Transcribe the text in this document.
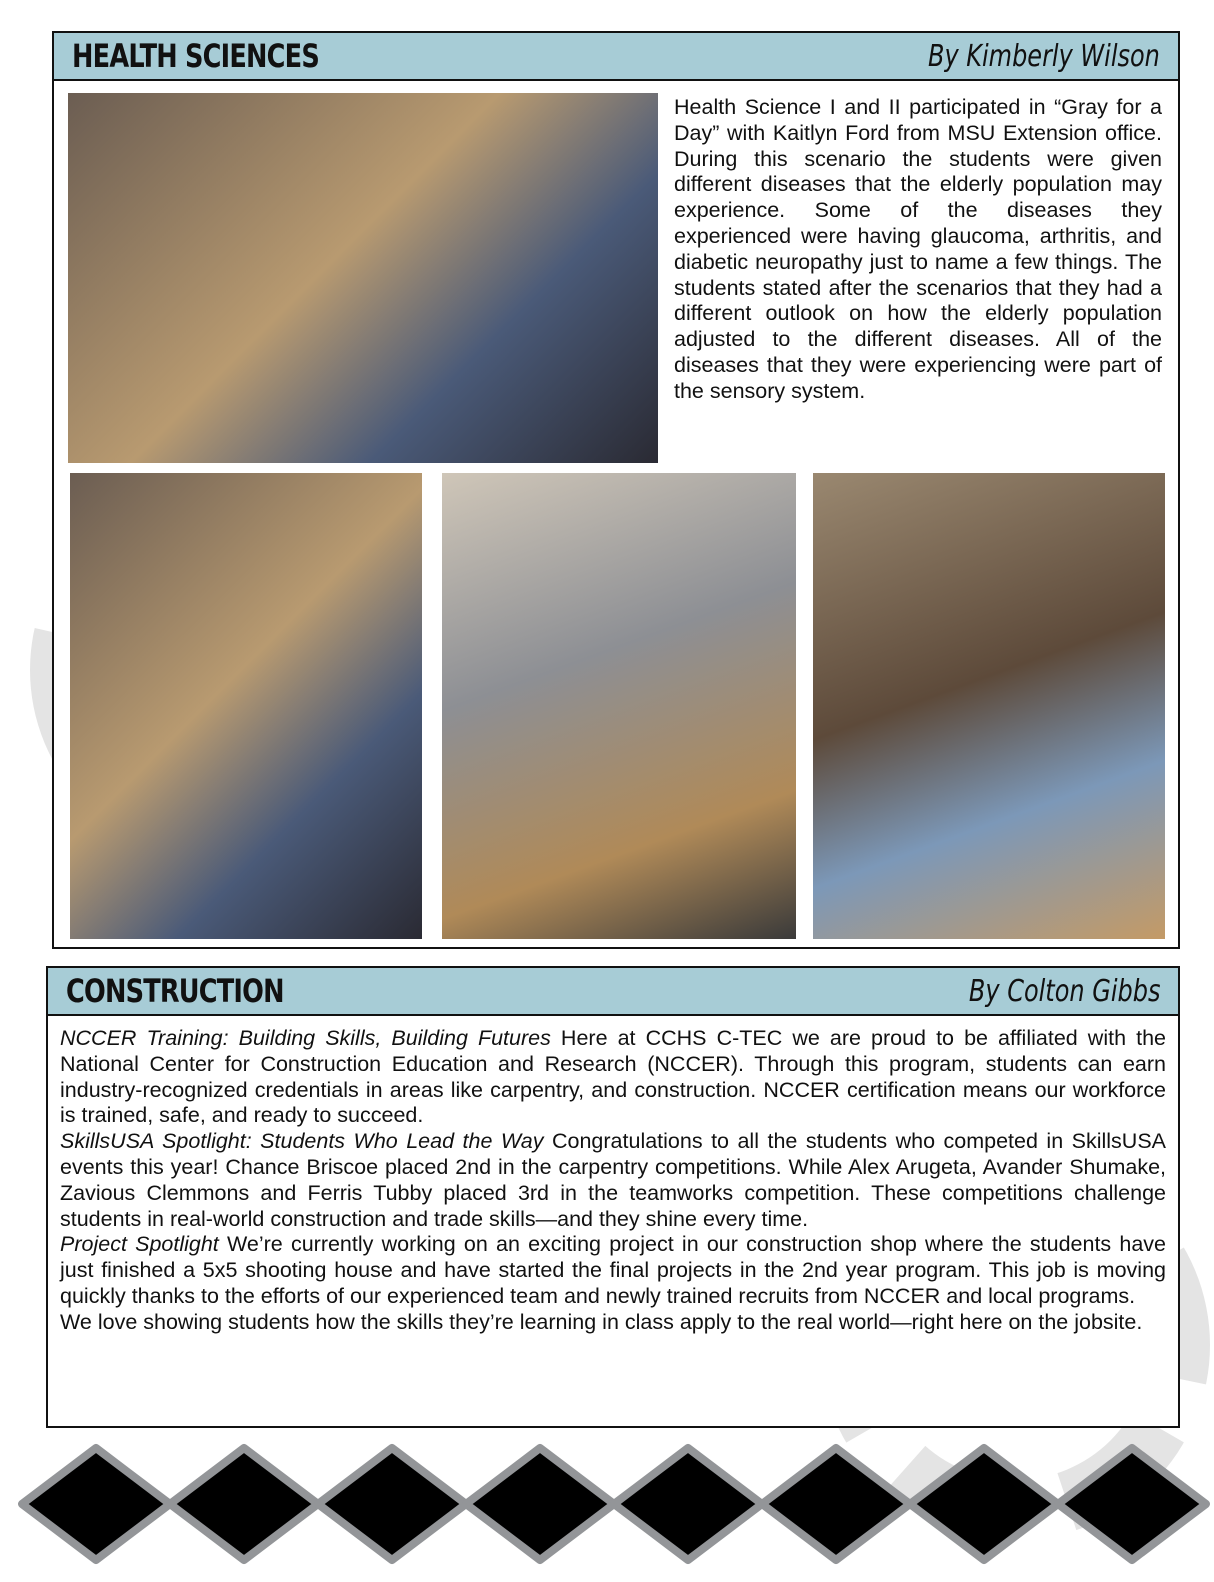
HEALTH SCIENCES	By Kimberly Wilson
Health Science I and II participated in “Gray for a Day” with Kaitlyn Ford from MSU Extension office. During this scenario the students were given different diseases that the elderly population may experience. Some of the diseases they experienced were having glaucoma, arthritis, and diabetic neuropathy just to name a few things. The students stated after the scenarios that they had a different outlook on how the elderly population adjusted to the different diseases. All of the diseases that they were experiencing were part of the sensory system.
CONSTRUCTION	By Colton Gibbs

NCCER Training: Building Skills, Building Futures Here at CCHS C-TEC we are proud to be affiliated with the National Center for Construction Education and Research (NCCER). Through this program, students can earn industry-recognized credentials in areas like carpentry, and construction. NCCER certification means our workforce is trained, safe, and ready to succeed.

SkillsUSA Spotlight: Students Who Lead the Way Congratulations to all the students who competed in SkillsUSA events this year! Chance Briscoe placed 2nd in the carpentry competitions. While Alex Arugeta, Avander Shumake, Zavious Clemmons and Ferris Tubby placed 3rd in the teamworks competition. These competitions challenge students in real-world construction and trade skills—and they shine every time.

Project Spotlight We’re currently working on an exciting project in our construction shop where the students have just finished a 5x5 shooting house and have started the final projects in the 2nd year program. This job is moving quickly thanks to the efforts of our experienced team and newly trained recruits from NCCER and local programs.

We love showing students how the skills they’re learning in class apply to the real world—right here on the jobsite.
